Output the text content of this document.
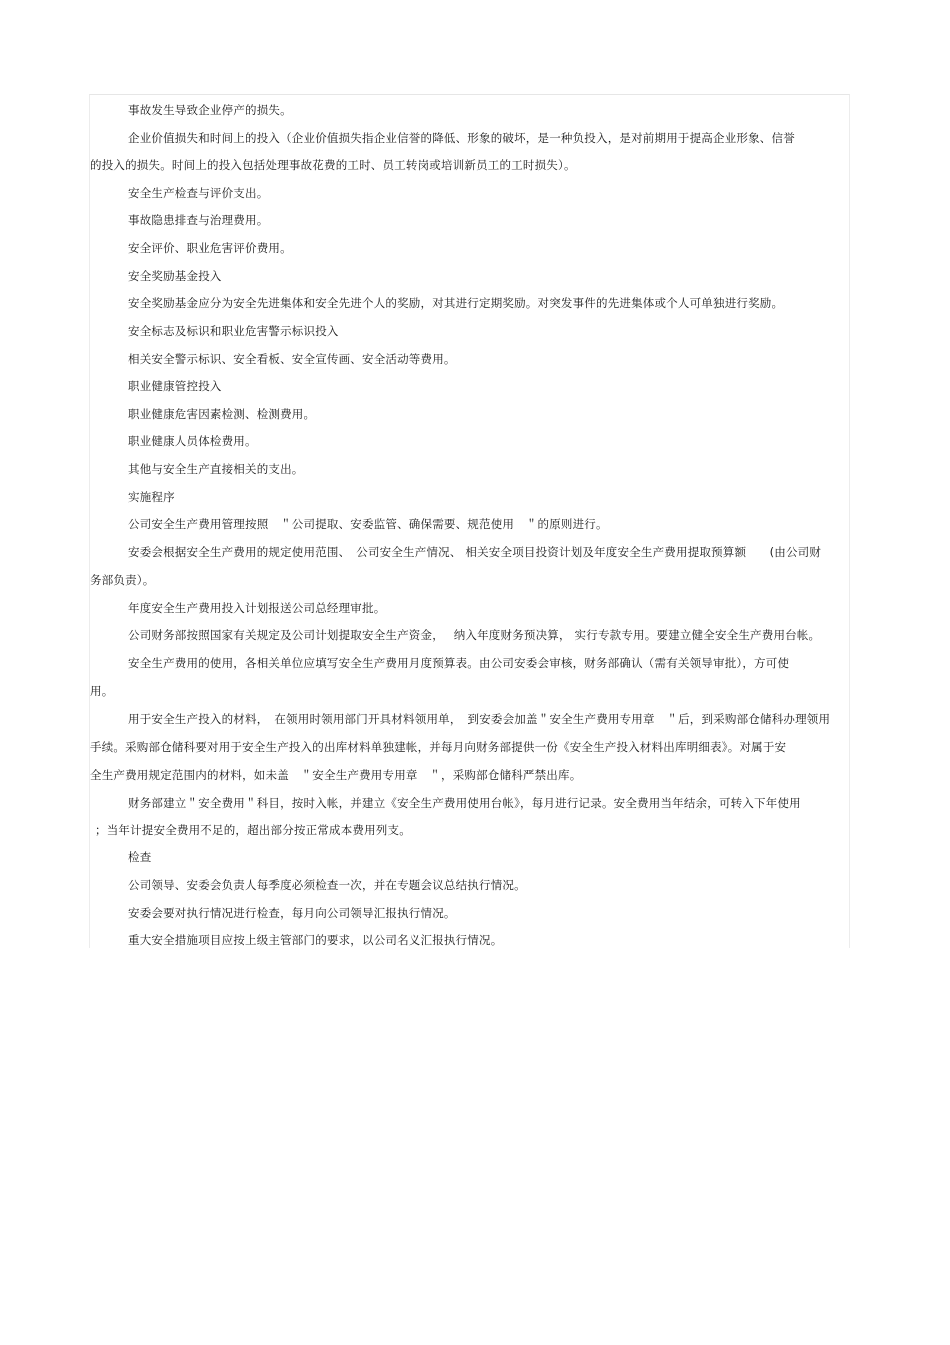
事故发生导致企业停产的损失。
企业价值损失和时间上的投入（企业价值损失指企业信誉的降低、形象的破坏，是一种负投入，是对前期用于提高企业形象、信誉
的投入的损失。时间上的投入包括处理事故花费的工时、员工转岗或培训新员工的工时损失）。
安全生产检查与评价支出。
事故隐患排查与治理费用。
安全评价、职业危害评价费用。
安全奖励基金投入
安全奖励基金应分为安全先进集体和安全先进个人的奖励，对其进行定期奖励。对突发事件的先进集体或个人可单独进行奖励。
安全标志及标识和职业危害警示标识投入
相关安全警示标识、安全看板、安全宣传画、安全活动等费用。
职业健康管控投入
职业健康危害因素检测、检测费用。
职业健康人员体检费用。
其他与安全生产直接相关的支出。
实施程序
公司安全生产费用管理按照　＂公司提取、安委监管、确保需要、规范使用　＂的原则进行。
安委会根据安全生产费用的规定使用范围、　公司安全生产情况、 相关安全项目投资计划及年度安全生产费用提取预算额　　(由公司财
务部负责）。
年度安全生产费用投入计划报送公司总经理审批。
公司财务部按照国家有关规定及公司计划提取安全生产资金，　 纳入年度财务预决算， 实行专款专用。要建立健全安全生产费用台帐。
安全生产费用的使用，各相关单位应填写安全生产费用月度预算表。由公司安委会审核，财务部确认（需有关领导审批），方可使
用。
用于安全生产投入的材料，　在领用时领用部门开具材料领用单，　到安委会加盖＂安全生产费用专用章　＂后，到采购部仓储科办理领用
手续。采购部仓储科要对用于安全生产投入的出库材料单独建帐，并每月向财务部提供一份《安全生产投入材料出库明细表》。对属于安
全生产费用规定范围内的材料，如未盖　＂安全生产费用专用章　＂，采购部仓储科严禁出库。
财务部建立＂安全费用＂科目，按时入帐，并建立《安全生产费用使用台帐》，每月进行记录。安全费用当年结余，可转入下年使用
；当年计提安全费用不足的，超出部分按正常成本费用列支。
检查
公司领导、安委会负责人每季度必须检查一次，并在专题会议总结执行情况。
安委会要对执行情况进行检查，每月向公司领导汇报执行情况。
重大安全措施项目应按上级主管部门的要求，以公司名义汇报执行情况。
